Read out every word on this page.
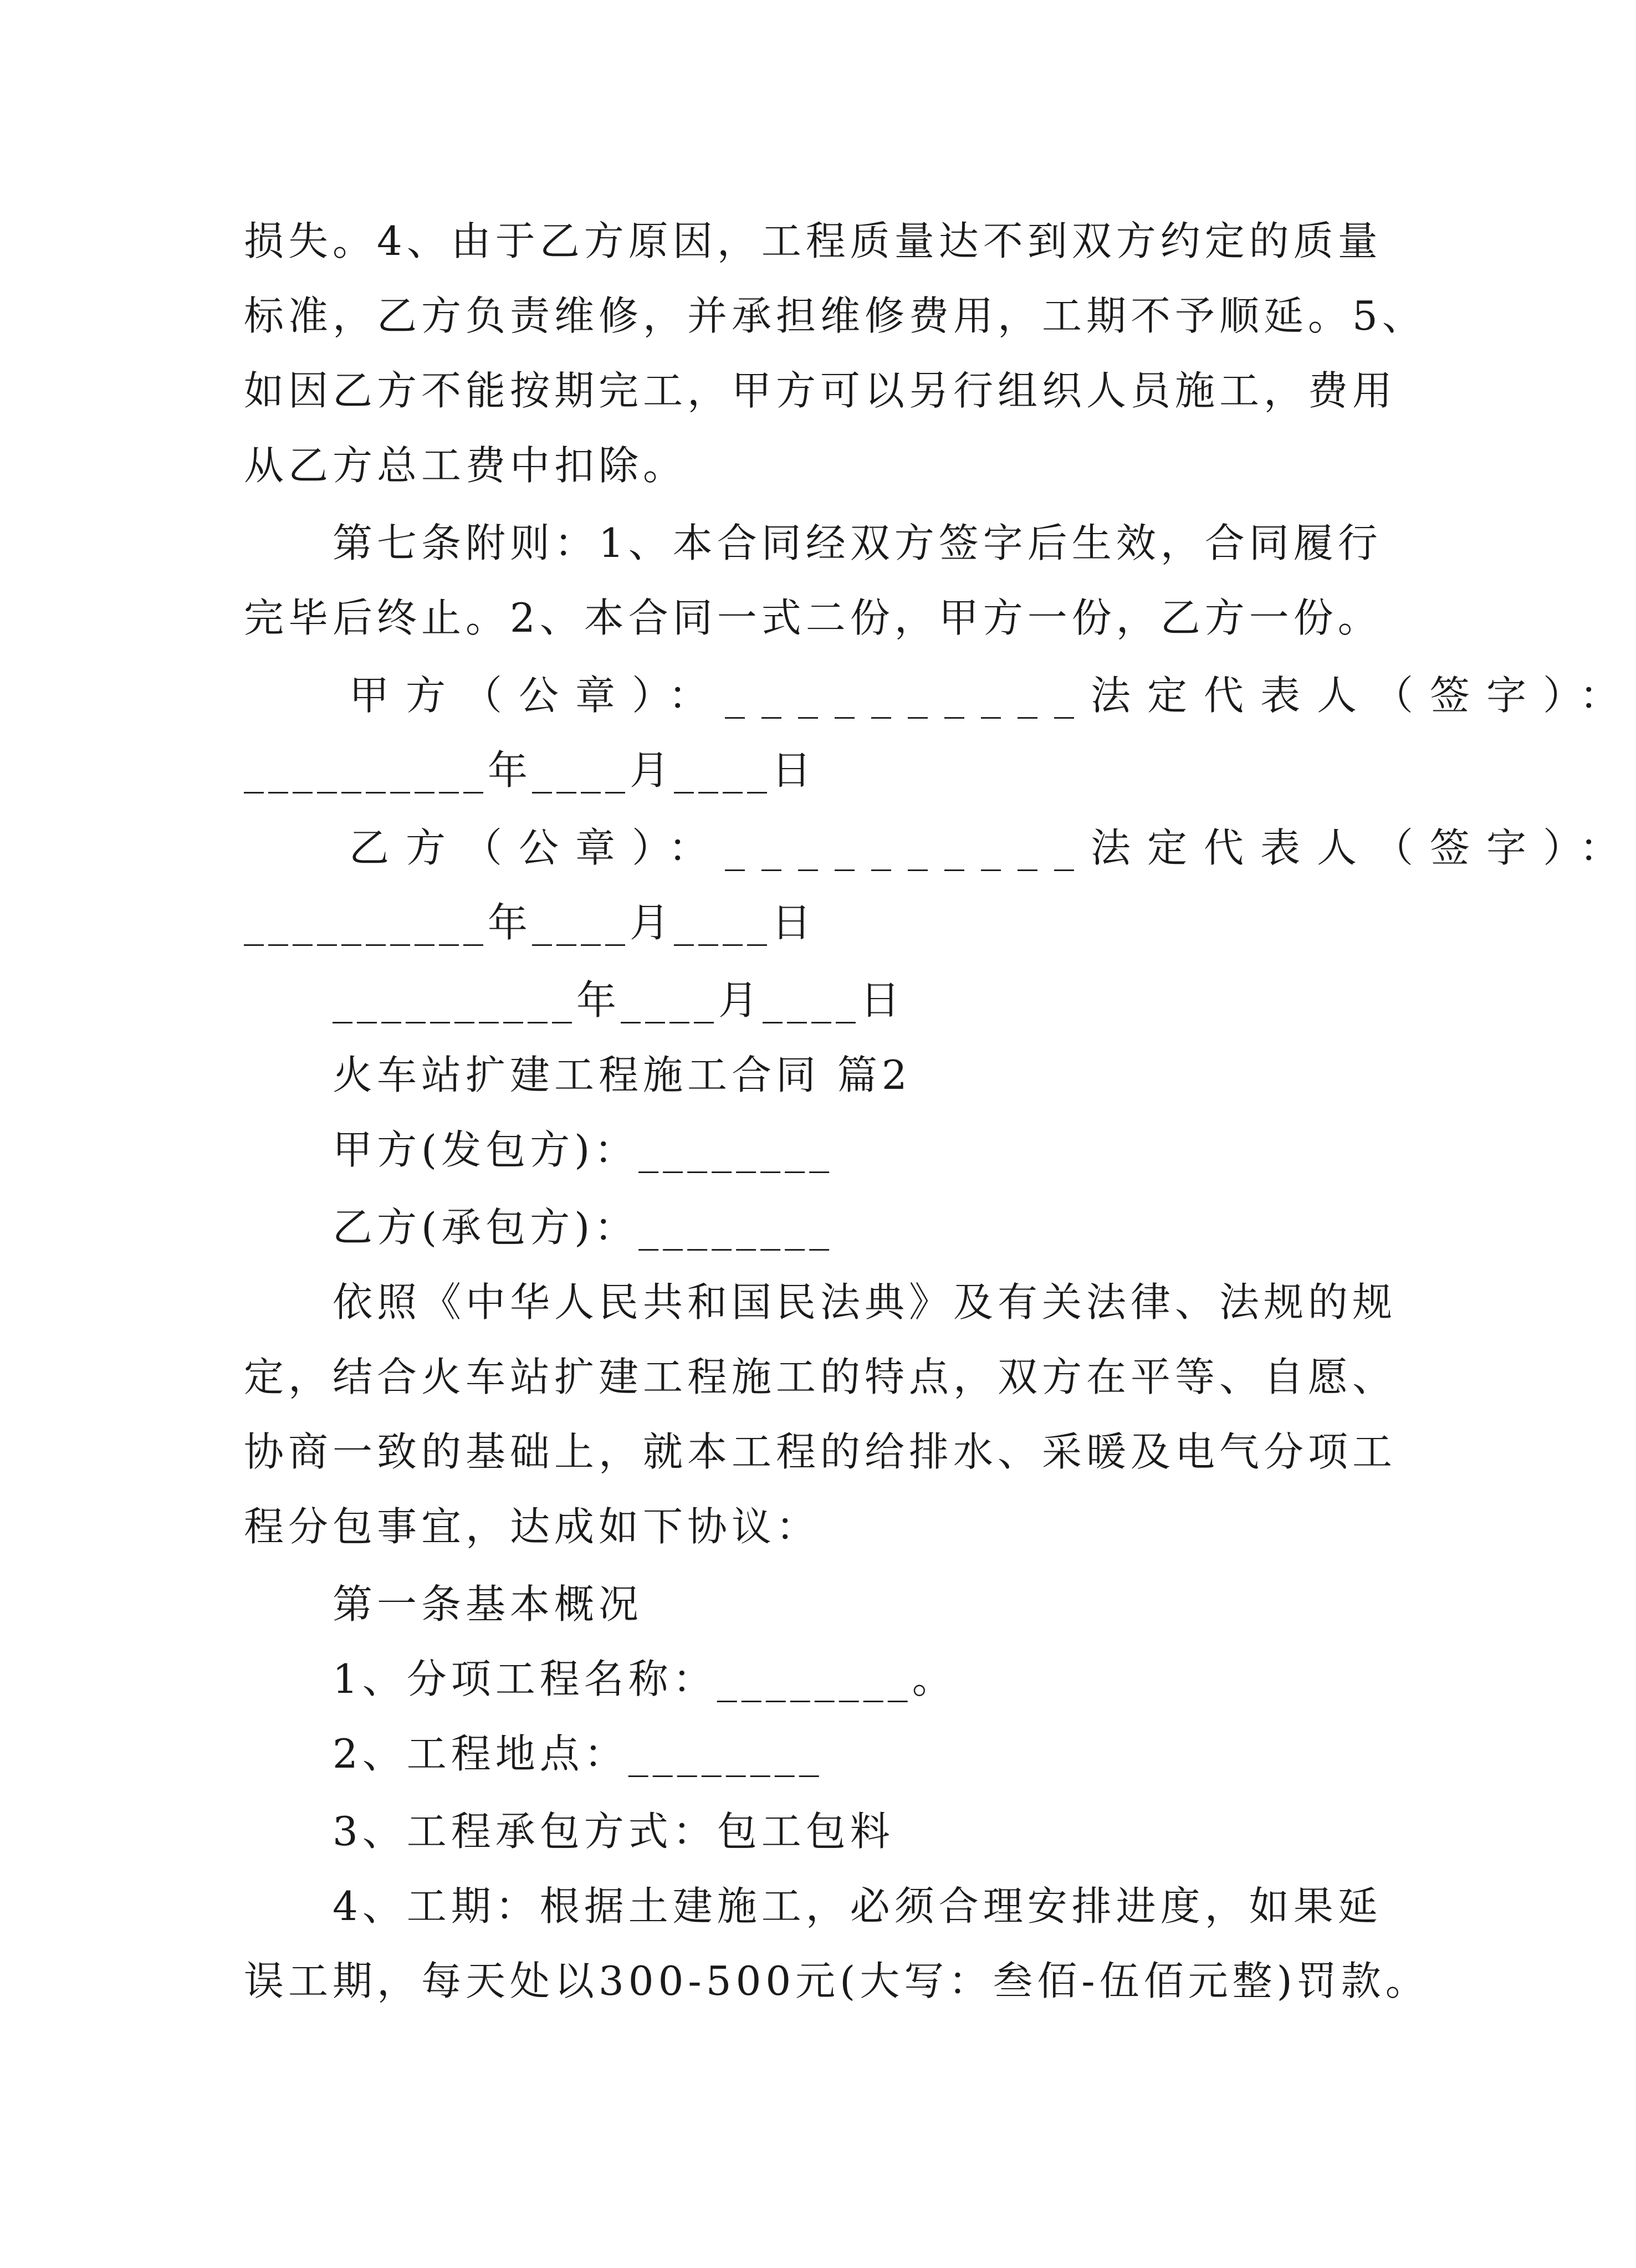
损失。4、由于乙方原因，工程质量达不到双方约定的质量
标准，乙方负责维修，并承担维修费用，工期不予顺延。5、
如因乙方不能按期完工，甲方可以另行组织人员施工，费用
从乙方总工费中扣除。
第七条附则：1、本合同经双方签字后生效，合同履行
完毕后终止。2、本合同一式二份，甲方一份，乙方一份。
甲方（公章）：__________法定代表人（签字）：
__________年____月____日
乙方（公章）：__________法定代表人（签字）：
__________年____月____日
__________年____月____日
火车站扩建工程施工合同 篇2
甲方(发包方)：________
乙方(承包方)：________
依照《中华人民共和国民法典》及有关法律、法规的规
定，结合火车站扩建工程施工的特点，双方在平等、自愿、
协商一致的基础上，就本工程的给排水、采暖及电气分项工
程分包事宜，达成如下协议：
第一条基本概况
1、分项工程名称：________。
2、工程地点：________
3、工程承包方式：包工包料
4、工期：根据土建施工，必须合理安排进度，如果延
误工期，每天处以300-500元(大写：叁佰-伍佰元整)罚款。
